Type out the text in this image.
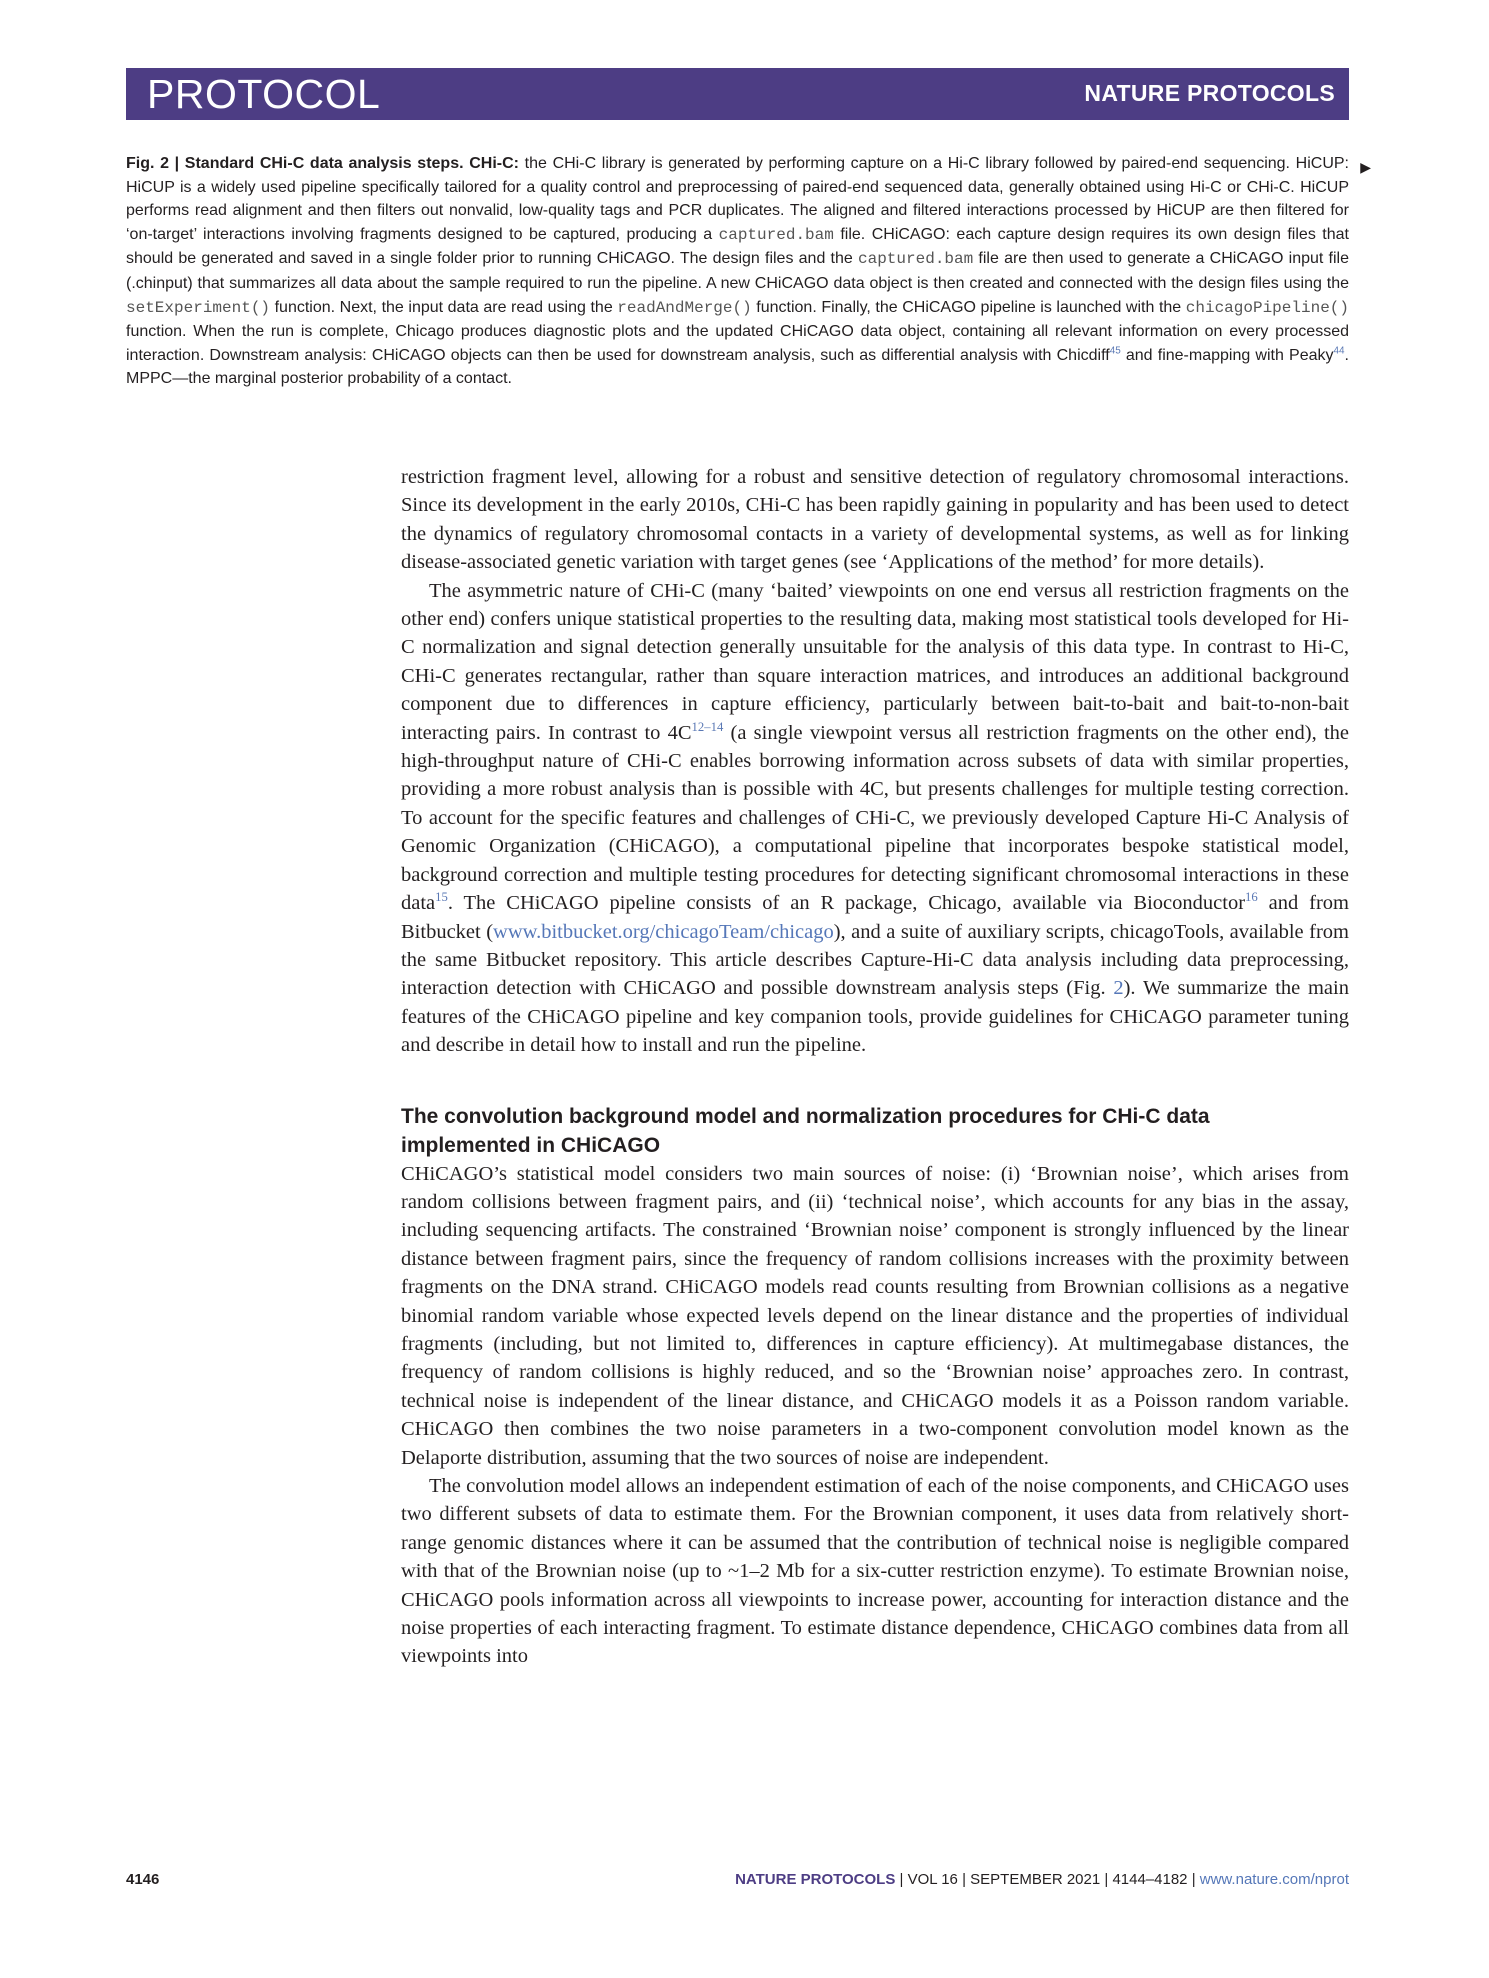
PROTOCOL	NATURE PROTOCOLS
▶
Fig. 2 | Standard CHi-C data analysis steps. CHi-C: the CHi-C library is generated by performing capture on a Hi-C library followed by paired-end sequencing. HiCUP: HiCUP is a widely used pipeline specifically tailored for a quality control and preprocessing of paired-end sequenced data, generally obtained using Hi-C or CHi-C. HiCUP performs read alignment and then filters out nonvalid, low-quality tags and PCR duplicates. The aligned and filtered interactions processed by HiCUP are then filtered for ‘on-target’ interactions involving fragments designed to be captured, producing a captured.bam file. CHiCAGO: each capture design requires its own design files that should be generated and saved in a single folder prior to running CHiCAGO. The design files and the captured.bam file are then used to generate a CHiCAGO input file (.chinput) that summarizes all data about the sample required to run the pipeline. A new CHiCAGO data object is then created and connected with the design files using the setExperiment() function. Next, the input data are read using the readAndMerge() function. Finally, the CHiCAGO pipeline is launched with the chicagoPipeline() function. When the run is complete, Chicago produces diagnostic plots and the updated CHiCAGO data object, containing all relevant information on every processed interaction. Downstream analysis: CHiCAGO objects can then be used for downstream analysis, such as differential analysis with Chicdiff$^{45}$ and fine-mapping with Peaky$^{44}$. MPPC—the marginal posterior probability of a contact.

restriction fragment level, allowing for a robust and sensitive detection of regulatory chromosomal interactions. Since its development in the early 2010s, CHi-C has been rapidly gaining in popularity and has been used to detect the dynamics of regulatory chromosomal contacts in a variety of developmental systems, as well as for linking disease-associated genetic variation with target genes (see ‘Applications of the method’ for more details).

The asymmetric nature of CHi-C (many ‘baited’ viewpoints on one end versus all restriction fragments on the other end) confers unique statistical properties to the resulting data, making most statistical tools developed for Hi-C normalization and signal detection generally unsuitable for the analysis of this data type. In contrast to Hi-C, CHi-C generates rectangular, rather than square interaction matrices, and introduces an additional background component due to differences in capture efficiency, particularly between bait-to-bait and bait-to-non-bait interacting pairs. In contrast to $4C^{12-14}$ (a single viewpoint versus all restriction fragments on the other end), the high-throughput nature of CHi-C enables borrowing information across subsets of data with similar properties, providing a more robust analysis than is possible with 4C, but presents challenges for multiple testing correction. To account for the specific features and challenges of CHi-C, we previously developed Capture Hi-C Analysis of Genomic Organization (CHiCAGO), a computational pipeline that incorporates bespoke statistical model, background correction and multiple testing procedures for detecting significant chromosomal interactions in these data$^{15}$. The CHiCAGO pipeline consists of an R package, Chicago, available via Bioconductor$^{16}$ and from Bitbucket (www.bitbucket.org/chicagoTeam/chicago), and a suite of auxiliary scripts, chicagoTools, available from the same Bitbucket repository. This article describes Capture-Hi-C data analysis including data preprocessing, interaction detection with CHiCAGO and possible downstream analysis steps (Fig. 2). We summarize the main features of the CHiCAGO pipeline and key companion tools, provide guidelines for CHiCAGO parameter tuning and describe in detail how to install and run the pipeline.

The convolution background model and normalization procedures for CHi-C data implemented in CHiCAGO

CHiCAGO’s statistical model considers two main sources of noise: (i) ‘Brownian noise’, which arises from random collisions between fragment pairs, and (ii) ‘technical noise’, which accounts for any bias in the assay, including sequencing artifacts. The constrained ‘Brownian noise’ component is strongly influenced by the linear distance between fragment pairs, since the frequency of random collisions increases with the proximity between fragments on the DNA strand. CHiCAGO models read counts resulting from Brownian collisions as a negative binomial random variable whose expected levels depend on the linear distance and the properties of individual fragments (including, but not limited to, differences in capture efficiency). At multimegabase distances, the frequency of random collisions is highly reduced, and so the ‘Brownian noise’ approaches zero. In contrast, technical noise is independent of the linear distance, and CHiCAGO models it as a Poisson random variable. CHiCAGO then combines the two noise parameters in a two-component convolution model known as the Delaporte distribution, assuming that the two sources of noise are independent.

The convolution model allows an independent estimation of each of the noise components, and CHiCAGO uses two different subsets of data to estimate them. For the Brownian component, it uses data from relatively short-range genomic distances where it can be assumed that the contribution of technical noise is negligible compared with that of the Brownian noise (up to ~1–2 Mb for a six-cutter restriction enzyme). To estimate Brownian noise, CHiCAGO pools information across all viewpoints to increase power, accounting for interaction distance and the noise properties of each interacting fragment. To estimate distance dependence, CHiCAGO combines data from all viewpoints into

4146	NATURE PROTOCOLS | VOL 16 | SEPTEMBER 2021 | 4144–4182 | www.nature.com/nprot
